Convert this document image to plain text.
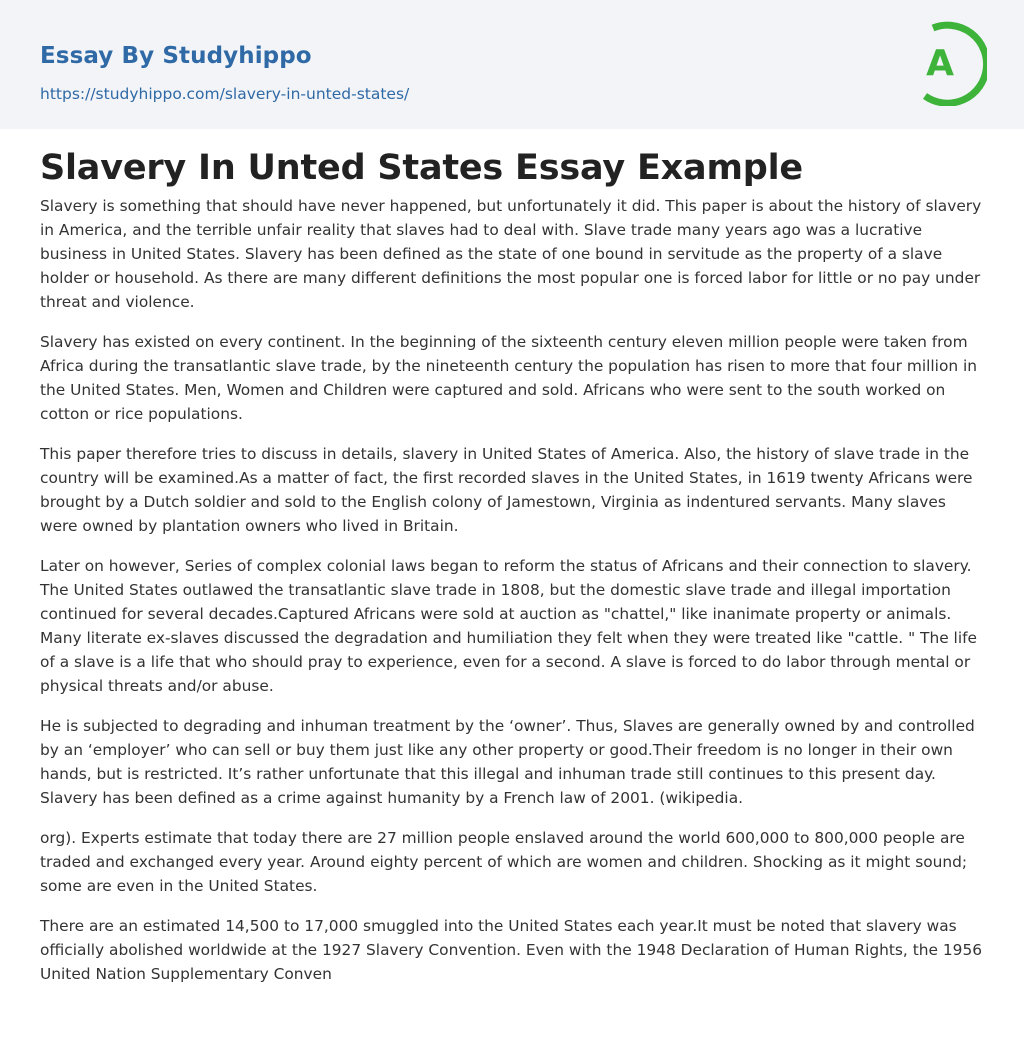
Essay By Studyhippo
https://studyhippo.com/slavery-in-unted-states/
A
Slavery In Unted States Essay Example

Slavery is something that should have never happened, but unfortunately it did. This paper is about the history of slavery in America, and the terrible unfair reality that slaves had to deal with. Slave trade many years ago was a lucrative business in United States. Slavery has been defined as the state of one bound in servitude as the property of a slave holder or household. As there are many different definitions the most popular one is forced labor for little or no pay under threat and violence.

Slavery has existed on every continent. In the beginning of the sixteenth century eleven million people were taken from Africa during the transatlantic slave trade, by the nineteenth century the population has risen to more that four million in the United States. Men, Women and Children were captured and sold. Africans who were sent to the south worked on cotton or rice populations.

This paper therefore tries to discuss in details, slavery in United States of America. Also, the history of slave trade in the country will be examined.As a matter of fact, the first recorded slaves in the United States, in 1619 twenty Africans were brought by a Dutch soldier and sold to the English colony of Jamestown, Virginia as indentured servants. Many slaves were owned by plantation owners who lived in Britain.

Later on however, Series of complex colonial laws began to reform the status of Africans and their connection to slavery. The United States outlawed the transatlantic slave trade in 1808, but the domestic slave trade and illegal importation continued for several decades.Captured Africans were sold at auction as "chattel," like inanimate property or animals. Many literate ex-slaves discussed the degradation and humiliation they felt when they were treated like "cattle. " The life of a slave is a life that who should pray to experience, even for a second. A slave is forced to do labor through mental or physical threats and/or abuse.

He is subjected to degrading and inhuman treatment by the ‘owner’. Thus, Slaves are generally owned by and controlled by an ‘employer’ who can sell or buy them just like any other property or good.Their freedom is no longer in their own hands, but is restricted. It’s rather unfortunate that this illegal and inhuman trade still continues to this present day. Slavery has been defined as a crime against humanity by a French law of 2001. (wikipedia.

org). Experts estimate that today there are 27 million people enslaved around the world 600,000 to 800,000 people are traded and exchanged every year. Around eighty percent of which are women and children. Shocking as it might sound; some are even in the United States.

There are an estimated 14,500 to 17,000 smuggled into the United States each year.It must be noted that slavery was officially abolished worldwide at the 1927 Slavery Convention. Even with the 1948 Declaration of Human Rights, the 1956 United Nation Supplementary Conven
